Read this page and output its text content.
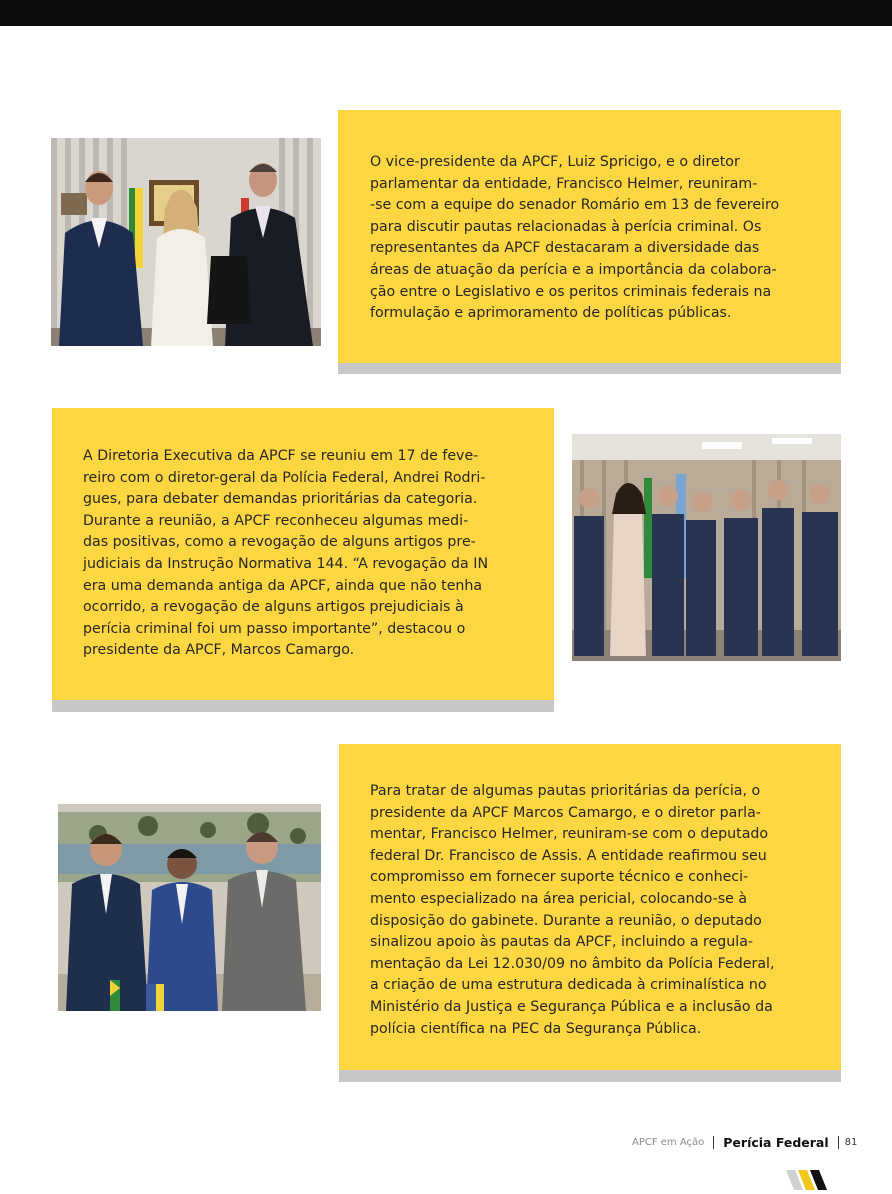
O vice-presidente da APCF, Luiz Spricigo, e o diretor
parlamentar da entidade, Francisco Helmer, reuniram-
-se com a equipe do senador Romário em 13 de fevereiro
para discutir pautas relacionadas à perícia criminal. Os
representantes da APCF destacaram a diversidade das
áreas de atuação da perícia e a importância da colabora-
ção entre o Legislativo e os peritos criminais federais na
formulação e aprimoramento de políticas públicas.

A Diretoria Executiva da APCF se reuniu em 17 de feve-
reiro com o diretor-geral da Polícia Federal, Andrei Rodri-
gues, para debater demandas prioritárias da categoria.
Durante a reunião, a APCF reconheceu algumas medi-
das positivas, como a revogação de alguns artigos pre-
judiciais da Instrução Normativa 144. “A revogação da IN
era uma demanda antiga da APCF, ainda que não tenha
ocorrido, a revogação de alguns artigos prejudiciais à
perícia criminal foi um passo importante”, destacou o
presidente da APCF, Marcos Camargo.

Para tratar de algumas pautas prioritárias da perícia, o
presidente da APCF Marcos Camargo, e o diretor parla-
mentar, Francisco Helmer, reuniram-se com o deputado
federal Dr. Francisco de Assis. A entidade reafirmou seu
compromisso em fornecer suporte técnico e conheci-
mento especializado na área pericial, colocando-se à
disposição do gabinete. Durante a reunião, o deputado
sinalizou apoio às pautas da APCF, incluindo a regula-
mentação da Lei 12.030/09 no âmbito da Polícia Federal,
a criação de uma estrutura dedicada à criminalística no
Ministério da Justiça e Segurança Pública e a inclusão da
polícia científica na PEC da Segurança Pública.

APCF em Ação Perícia Federal 81
